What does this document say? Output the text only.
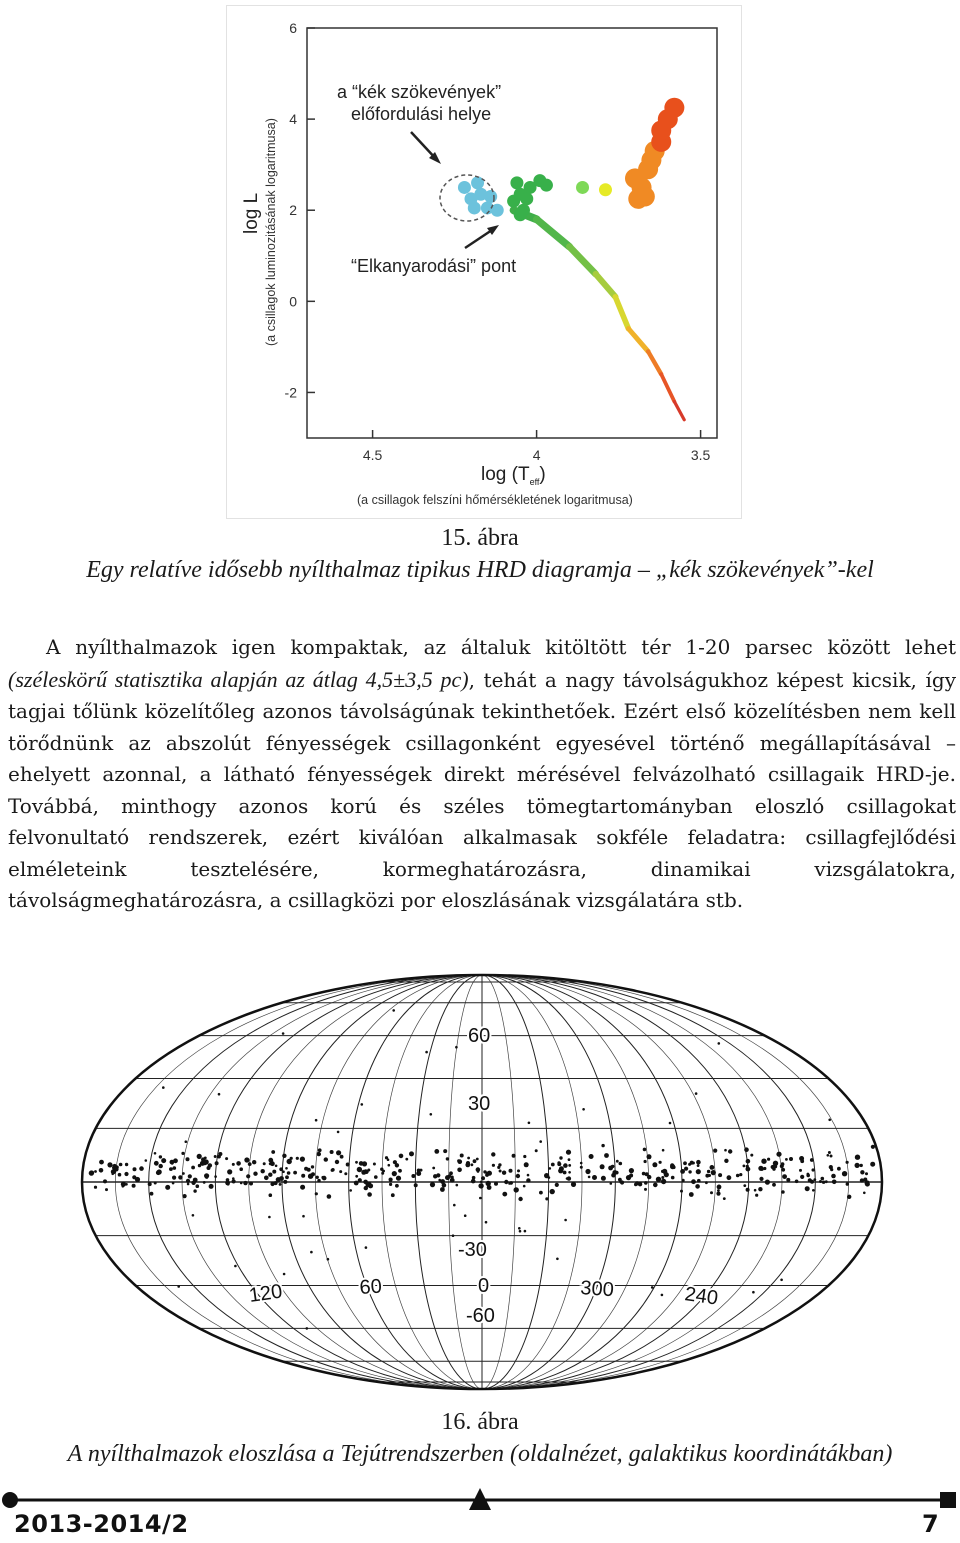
-2
0
2
4
6
4.5	4	3.5
a “kék szökevények”
előfordulási helye
“Elkanyarodási” pont
log L (a csillagok luminozitásának logaritmusa)
$\log (T_{eff})$
(a csillagok felszíni hőmérsékletének logaritmusa)
15. ábra
Egy relatíve idősebb nyílthalmaz tipikus HRD diagramja – „kék szökevények”-kel

A nyílthalmazok igen kompaktak, az általuk kitöltött tér 1-20 parsec között lehet (széleskörű statisztika alapján az átlag 4,5±3,5 pc), tehát a nagy távolságukhoz képest kicsik, így tagjai tőlünk közelítőleg azonos távolságúnak tekinthetőek. Ezért első közelítésben nem kell törődnünk az abszolút fényességek csillagonként egyesével történő megállapításával – ehelyett azonnal, a látható fényességek direkt mérésével felvázolható csillagaik HRD-je. Továbbá, minthogy azonos korú és széles tömegtartományban eloszló csillagokat felvonultató rendszerek, ezért kiválóan alkalmasak sokféle feladatra: csillagfejlődési elméleteink tesztelésére, kormeghatározásra, dinamikai vizsgálatokra, távolságmeghatározásra, a csillagközi por eloszlásának vizsgálatára stb.

60
30
-30
0
-60
120	60	300	240
16. ábra
A nyílthalmazok eloszlása a Tejútrendszerben (oldalnézet, galaktikus koordinátákban)
2013-2014/2	7
